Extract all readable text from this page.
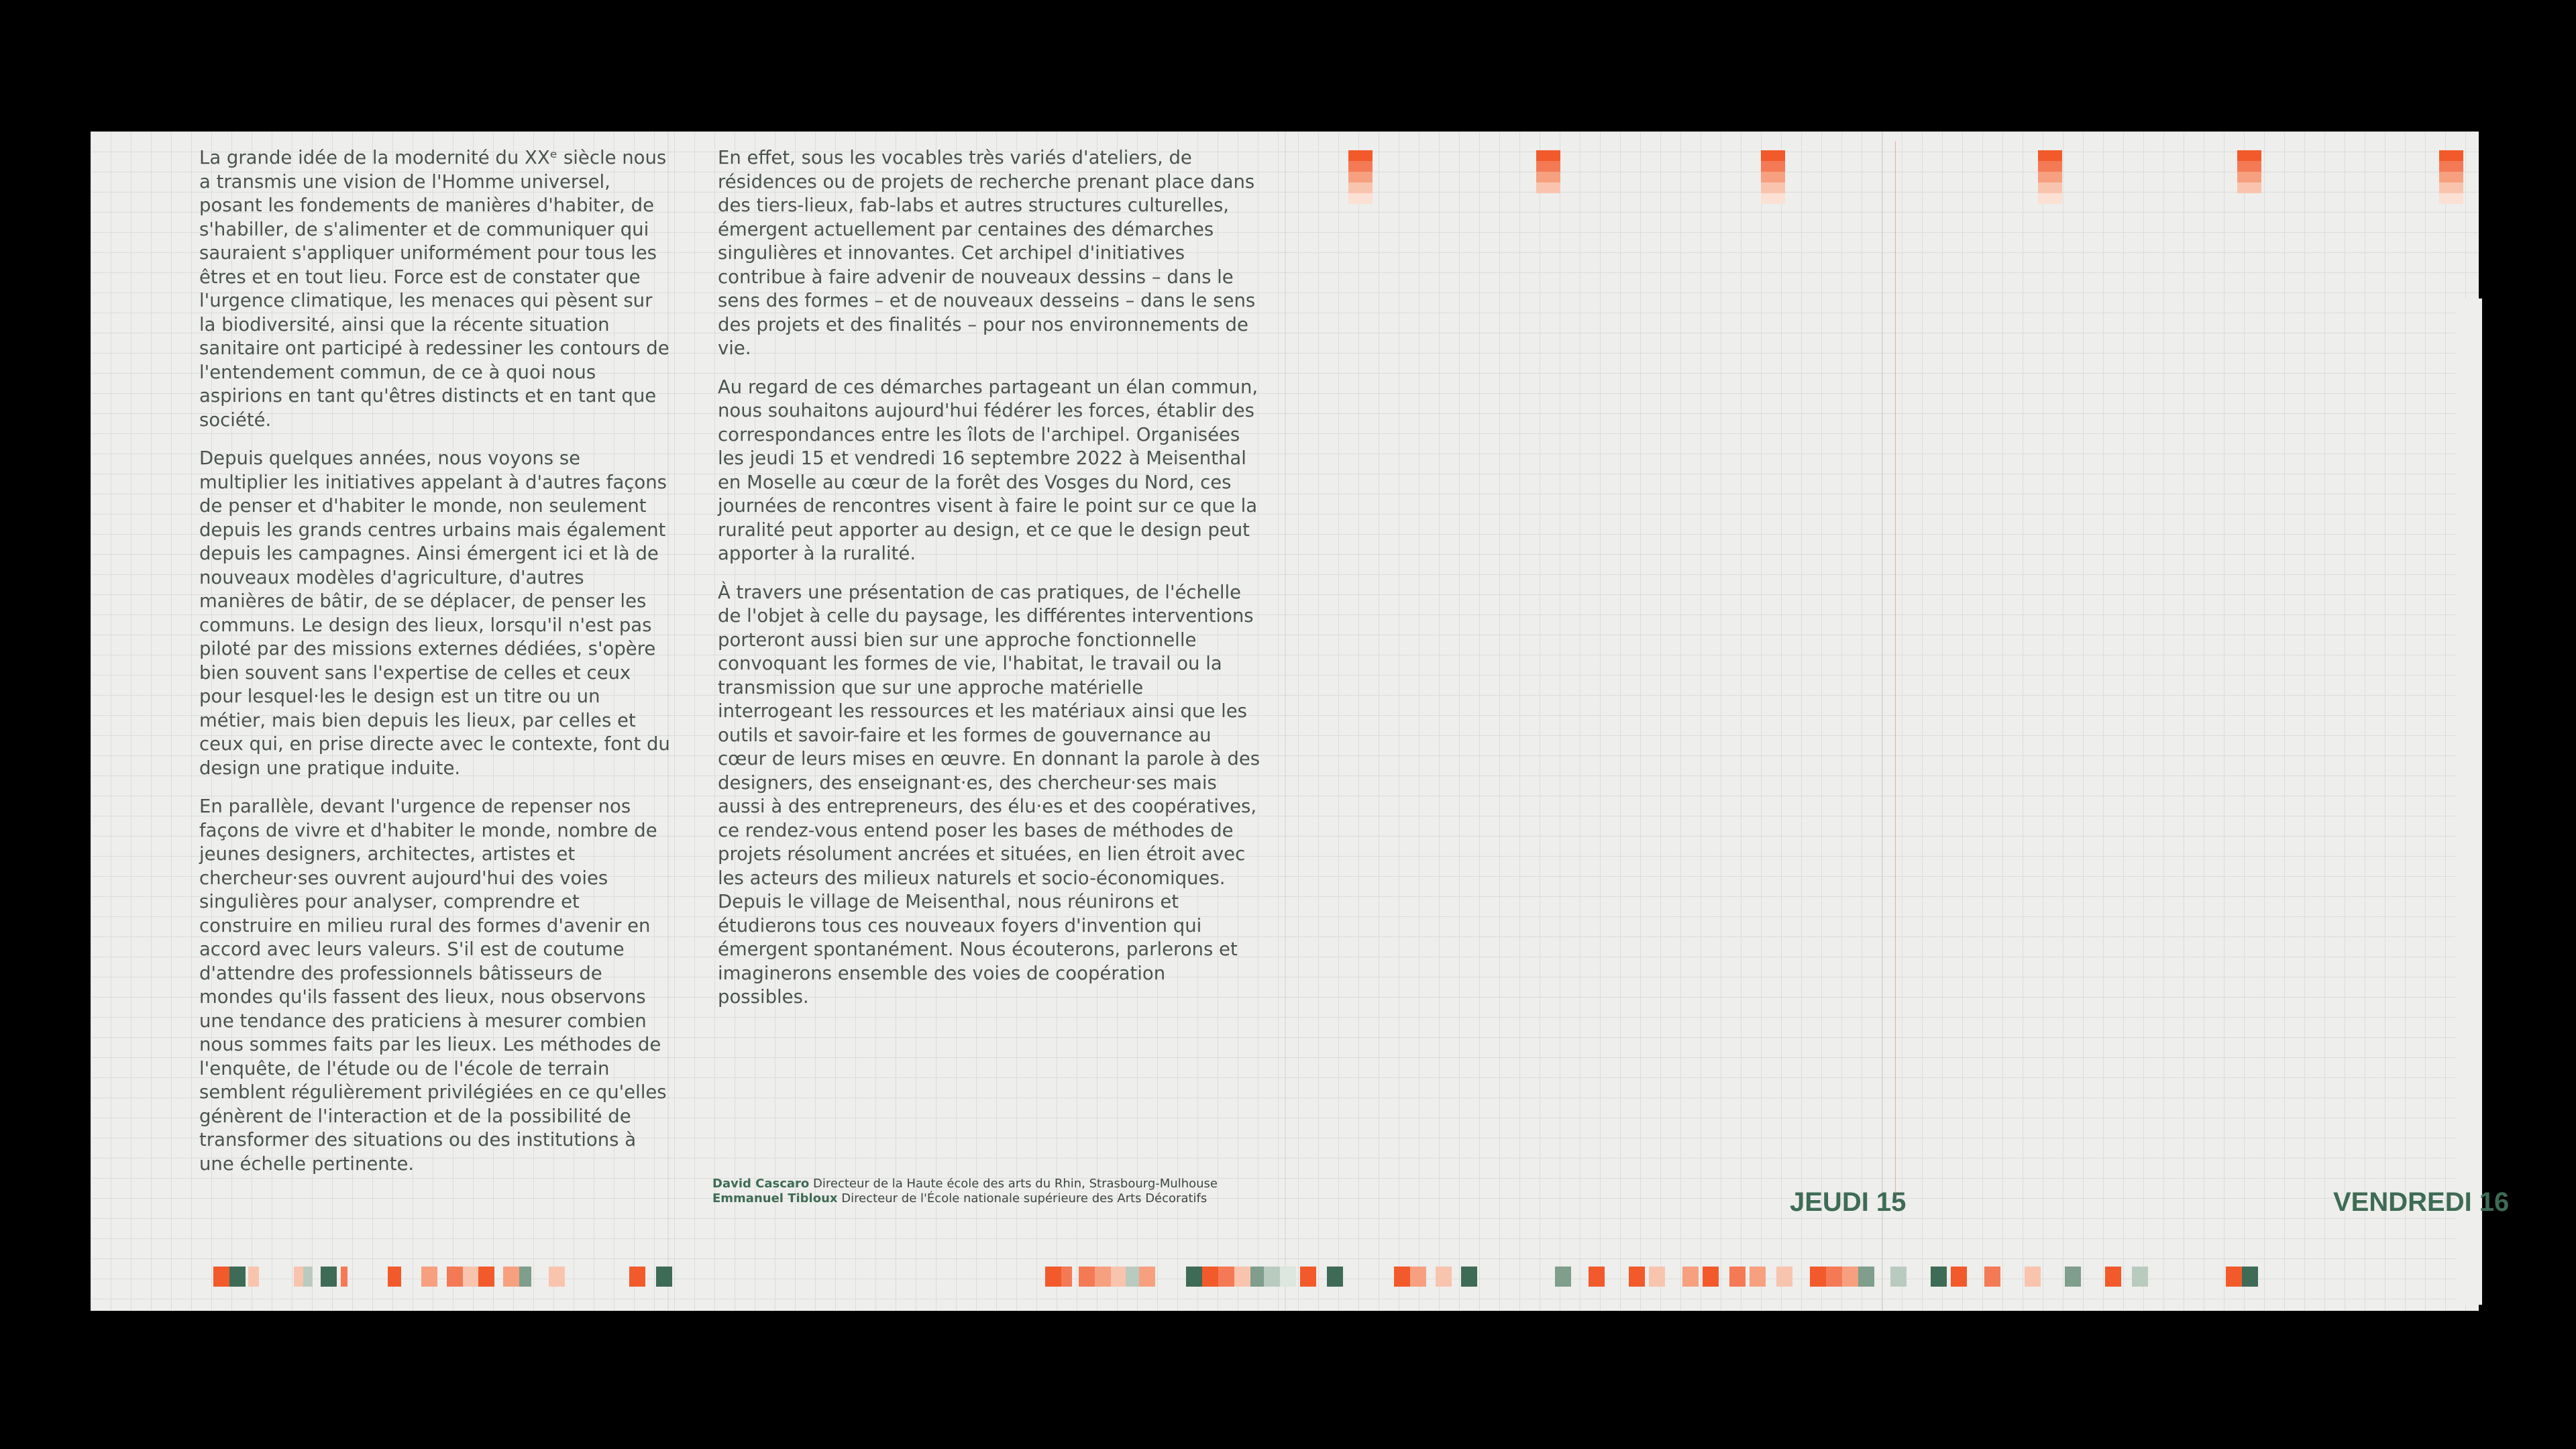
La grande idée de la modernité du XXᵉ siècle nous a transmis une vision de l'Homme universel, posant les fondements de manières d'habiter, de s'habiller, de s'alimenter et de communiquer qui sauraient s'appliquer uniformément pour tous les êtres et en tout lieu. Force est de constater que l'urgence climatique, les menaces qui pèsent sur la biodiversité, ainsi que la récente situation sanitaire ont participé à redessiner les contours de l'entendement commun, de ce à quoi nous aspirions en tant qu'êtres distincts et en tant que société.

Depuis quelques années, nous voyons se multiplier les initiatives appelant à d'autres façons de penser et d'habiter le monde, non seulement depuis les grands centres urbains mais également depuis les campagnes. Ainsi émergent ici et là de nouveaux modèles d'agriculture, d'autres manières de bâtir, de se déplacer, de penser les communs. Le design des lieux, lorsqu'il n'est pas piloté par des missions externes dédiées, s'opère bien souvent sans l'expertise de celles et ceux pour lesquel·les le design est un titre ou un métier, mais bien depuis les lieux, par celles et ceux qui, en prise directe avec le contexte, font du design une pratique induite.

En parallèle, devant l'urgence de repenser nos façons de vivre et d'habiter le monde, nombre de jeunes designers, architectes, artistes et chercheur·ses ouvrent aujourd'hui des voies singulières pour analyser, comprendre et construire en milieu rural des formes d'avenir en accord avec leurs valeurs. S'il est de coutume d'attendre des professionnels bâtisseurs de mondes qu'ils fassent des lieux, nous observons une tendance des praticiens à mesurer combien nous sommes faits par les lieux. Les méthodes de l'enquête, de l'étude ou de l'école de terrain semblent régulièrement privilégiées en ce qu'elles génèrent de l'interaction et de la possibilité de transformer des situations ou des institutions à une échelle pertinente.

En effet, sous les vocables très variés d'ateliers, de résidences ou de projets de recherche prenant place dans des tiers-lieux, fab-labs et autres structures culturelles, émergent actuellement par centaines des démarches singulières et innovantes. Cet archipel d'initiatives contribue à faire advenir de nouveaux dessins – dans le sens des formes – et de nouveaux desseins – dans le sens des projets et des finalités – pour nos environnements de vie.

Au regard de ces démarches partageant un élan commun, nous souhaitons aujourd'hui fédérer les forces, établir des correspondances entre les îlots de l'archipel. Organisées les jeudi 15 et vendredi 16 septembre 2022 à Meisenthal en Moselle au cœur de la forêt des Vosges du Nord, ces journées de rencontres visent à faire le point sur ce que la ruralité peut apporter au design, et ce que le design peut apporter à la ruralité.

À travers une présentation de cas pratiques, de l'échelle de l'objet à celle du paysage, les différentes interventions porteront aussi bien sur une approche fonctionnelle convoquant les formes de vie, l'habitat, le travail ou la transmission que sur une approche matérielle interrogeant les ressources et les matériaux ainsi que les outils et savoir-faire et les formes de gouvernance au cœur de leurs mises en œuvre. En donnant la parole à des designers, des enseignant·es, des chercheur·ses mais aussi à des entrepreneurs, des élu·es et des coopératives, ce rendez-vous entend poser les bases de méthodes de projets résolument ancrées et situées, en lien étroit avec les acteurs des milieux naturels et socio-économiques. Depuis le village de Meisenthal, nous réunirons et étudierons tous ces nouveaux foyers d'invention qui émergent spontanément. Nous écouterons, parlerons et imaginerons ensemble des voies de coopération possibles.

David Cascaro Directeur de la Haute école des arts du Rhin, Strasbourg-Mulhouse
Emmanuel Tibloux Directeur de l'École nationale supérieure des Arts Décoratifs	JEUDI 15	VENDREDI 16
